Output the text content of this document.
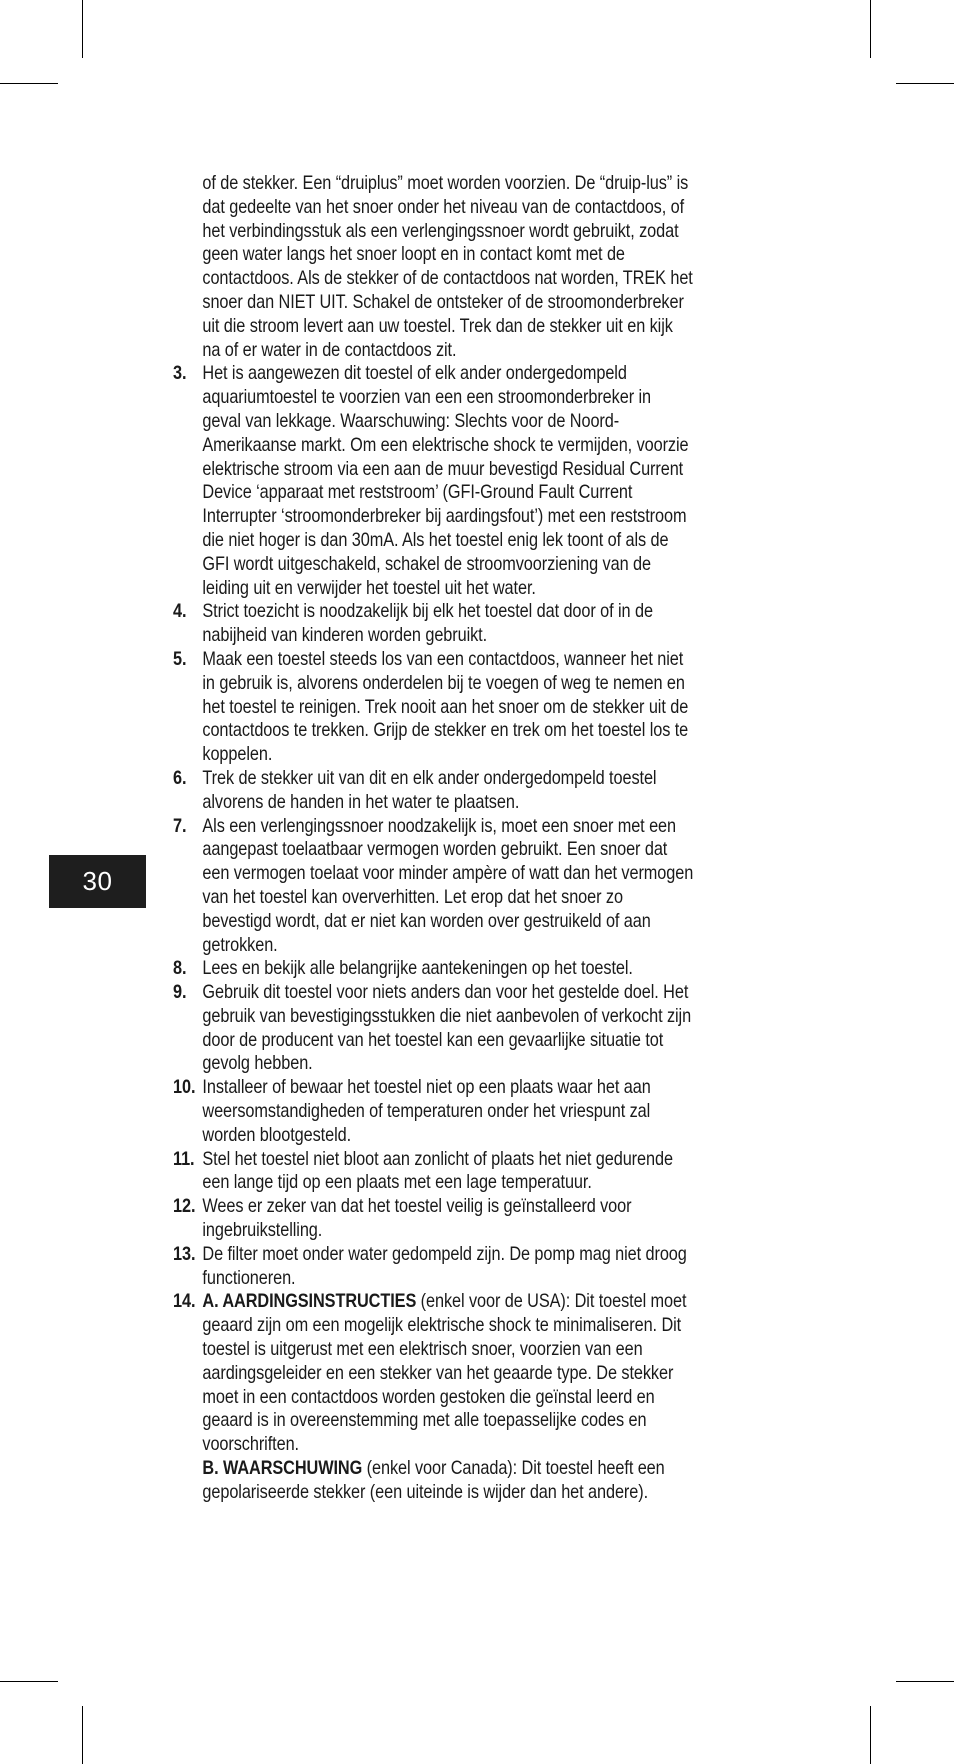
30

of de stekker. Een “druiplus” moet worden voorzien. De “druip-lus” is dat gedeelte van het snoer onder het niveau van de contactdoos, of het verbindingsstuk als een verlengingssnoer wordt gebruikt, zodat geen water langs het snoer loopt en in contact komt met de contactdoos. Als de stekker of de contactdoos nat worden, TREK het snoer dan NIET UIT. Schakel de ontsteker of de stroomonderbreker uit die stroom levert aan uw toestel. Trek dan de stekker uit en kijk na of er water in de contactdoos zit.

3. Het is aangewezen dit toestel of elk ander ondergedompeld aquariumtoestel te voorzien van een een stroomonderbreker in geval van lekkage. Waarschuwing: Slechts voor de Noord-Amerikaanse markt. Om een elektrische shock te vermijden, voorzie elektrische stroom via een aan de muur bevestigd Residual Current Device ‘apparaat met reststroom’ (GFI-Ground Fault Current Interrupter ‘stroomonderbreker bij aardingsfout’) met een reststroom die niet hoger is dan 30mA. Als het toestel enig lek toont of als de GFI wordt uitgeschakeld, schakel de stroomvoorziening van de leiding uit en verwijder het toestel uit het water.
4. Strict toezicht is noodzakelijk bij elk het toestel dat door of in de nabijheid van kinderen worden gebruikt.
5. Maak een toestel steeds los van een contactdoos, wanneer het niet in gebruik is, alvorens onderdelen bij te voegen of weg te nemen en het toestel te reinigen. Trek nooit aan het snoer om de stekker uit de contactdoos te trekken. Grijp de stekker en trek om het toestel los te koppelen.
6. Trek de stekker uit van dit en elk ander ondergedompeld toestel alvorens de handen in het water te plaatsen.
7. Als een verlengingssnoer noodzakelijk is, moet een snoer met een aangepast toelaatbaar vermogen worden gebruikt. Een snoer dat een vermogen toelaat voor minder ampère of watt dan het vermogen van het toestel kan oververhitten. Let erop dat het snoer zo bevestigd wordt, dat er niet kan worden over gestruikeld of aan getrokken.
8. Lees en bekijk alle belangrijke aantekeningen op het toestel.
9. Gebruik dit toestel voor niets anders dan voor het gestelde doel. Het gebruik van bevestigingsstukken die niet aanbevolen of verkocht zijn door de producent van het toestel kan een gevaarlijke situatie tot gevolg hebben.
10. Installeer of bewaar het toestel niet op een plaats waar het aan weersomstandigheden of temperaturen onder het vriespunt zal worden blootgesteld.
11. Stel het toestel niet bloot aan zonlicht of plaats het niet gedurende een lange tijd op een plaats met een lage temperatuur.
12. Wees er zeker van dat het toestel veilig is geïnstalleerd voor ingebruikstelling.
13. De filter moet onder water gedompeld zijn. De pomp mag niet droog functioneren.
14. A. AARDINGSINSTRUCTIES (enkel voor de USA): Dit toestel moet geaard zijn om een mogelijk elektrische shock te minimaliseren. Dit toestel is uitgerust met een elektrisch snoer, voorzien van een aardingsgeleider en een stekker van het geaarde type. De stekker moet in een contactdoos worden gestoken die geïnstal leerd en geaard is in overeenstemming met alle toepasselijke codes en voorschriften.

B. WAARSCHUWING (enkel voor Canada): Dit toestel heeft een gepolariseerde stekker (een uiteinde is wijder dan het andere).
